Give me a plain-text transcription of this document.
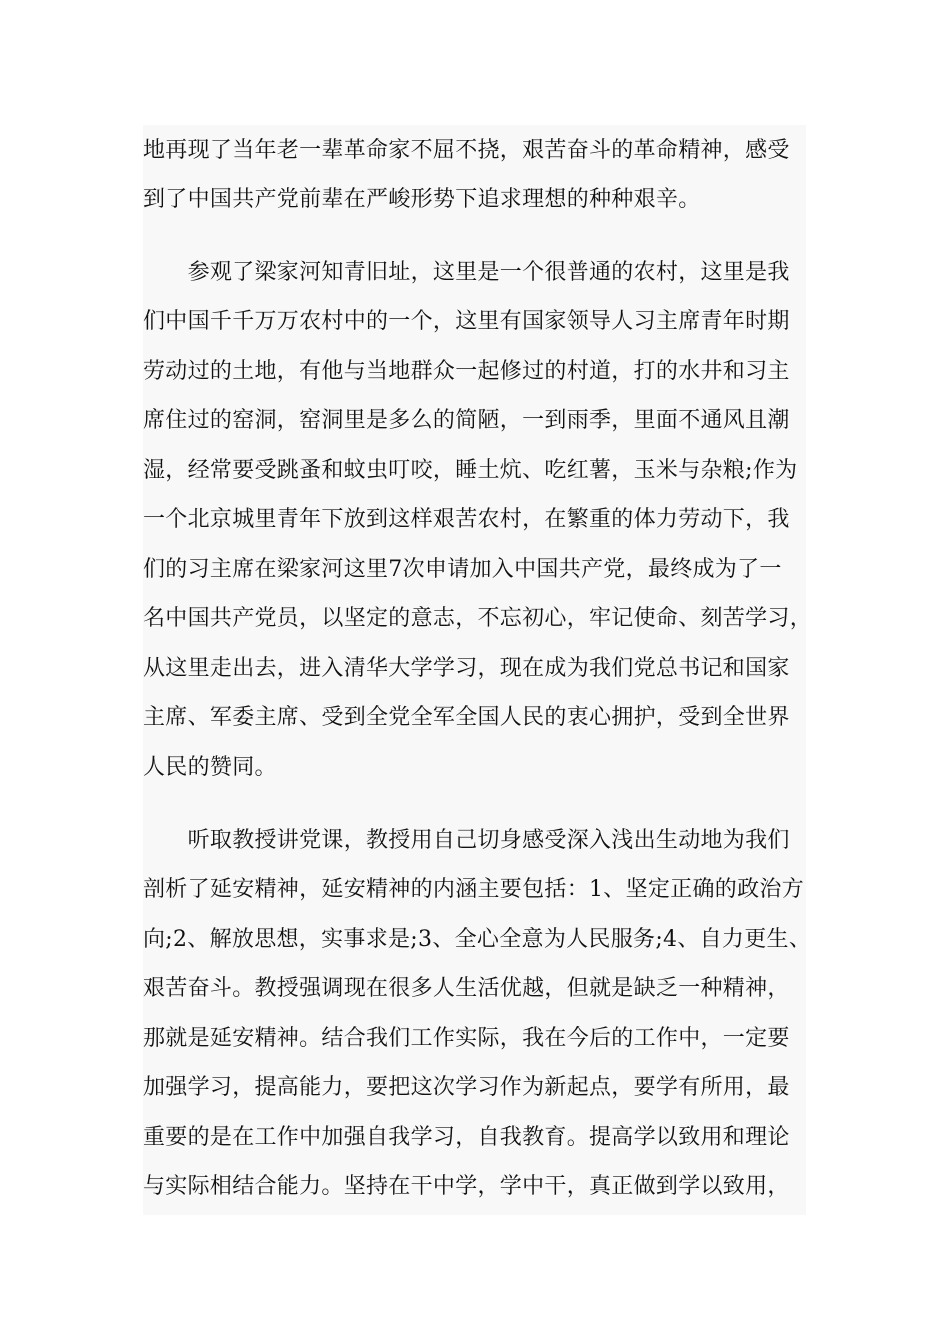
地再现了当年老一辈革命家不屈不挠，艰苦奋斗的革命精神，感受
到了中国共产党前辈在严峻形势下追求理想的种种艰辛。
　　参观了梁家河知青旧址，这里是一个很普通的农村，这里是我
们中国千千万万农村中的一个，这里有国家领导人习主席青年时期
劳动过的土地，有他与当地群众一起修过的村道，打的水井和习主
席住过的窑洞，窑洞里是多么的简陋，一到雨季，里面不通风且潮
湿，经常要受跳蚤和蚊虫叮咬，睡土炕、吃红薯，玉米与杂粮;作为
一个北京城里青年下放到这样艰苦农村，在繁重的体力劳动下，我
们的习主席在梁家河这里7次申请加入中国共产党，最终成为了一
名中国共产党员，以坚定的意志，不忘初心，牢记使命、刻苦学习，
从这里走出去，进入清华大学学习，现在成为我们党总书记和国家
主席、军委主席、受到全党全军全国人民的衷心拥护，受到全世界
人民的赞同。
　　听取教授讲党课，教授用自己切身感受深入浅出生动地为我们
剖析了延安精神，延安精神的内涵主要包括：1、坚定正确的政治方
向;2、解放思想，实事求是;3、全心全意为人民服务;4、自力更生、
艰苦奋斗。教授强调现在很多人生活优越，但就是缺乏一种精神，
那就是延安精神。结合我们工作实际，我在今后的工作中，一定要
加强学习，提高能力，要把这次学习作为新起点，要学有所用，最
重要的是在工作中加强自我学习，自我教育。提高学以致用和理论
与实际相结合能力。坚持在干中学，学中干，真正做到学以致用，
